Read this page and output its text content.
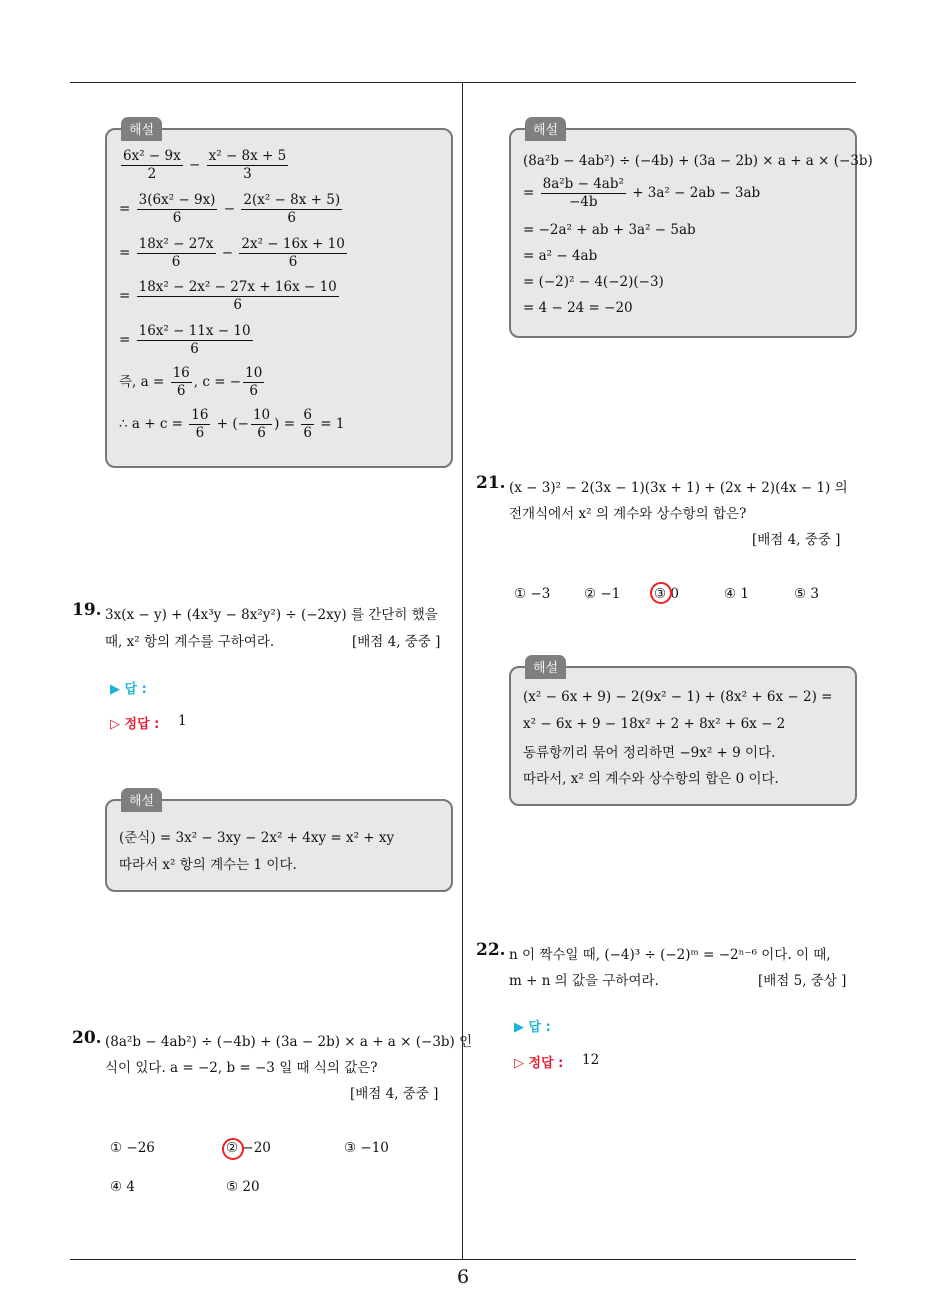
해설
$\frac{\text{6x² − 9x}}{2} - \frac{\text{x² − 8x + 5}}{3}$
= $\frac{\text{3(6x² − 9x)}}{6} - \frac{\text{2(x² − 8x + 5)}}{6}$
= $\frac{\text{18x² − 27x}}{6} - \frac{\text{2x² − 16x + 10}}{6}$
= $\frac{\text{18x² − 2x² − 27x + 16x − 10}}{6}$
= $\frac{\text{16x² − 11x − 10}}{6}$
즉, $a = \frac{16}{6}$ , c = − $\frac{10}{6}$
∴ $a + c = \frac{16}{6}$ + (− $\frac{10}{6}$ ) = $\frac{6}{6} = 1$
19. 3x(x − y) + (4x³y − 8x²y²) ÷ (−2xy) 를 간단히 했을
때, x² 항의 계수를 구하여라.	[배점 4, 중중 ]
▶ 답 :
▷ 정답 : 1
해설
(준식) = 3x² − 3xy − 2x² + 4xy = x² + xy
따라서 x² 항의 계수는 1 이다.
20. (8a²b − 4ab²) ÷ (−4b) + (3a − 2b) × a + a × (−3b) 인
식이 있다. a = −2, b = −3 일 때 식의 값은?
[배점 4, 중중 ]
① −26	② −20	③ −10
④ 4	⑤ 20
해설
(8a²b − 4ab²) ÷ (−4b) + (3a − 2b) × a + a × (−3b)
= $\frac{\text{8a²b − 4ab²}}{-4b} + 3a^2 - 2ab - 3ab$
= −2a² + ab + 3a² − 5ab
= a² − 4ab
= (−2)² − 4(−2)(−3)
= 4 − 24 = −20
21. (x − 3)² − 2(3x − 1)(3x + 1) + (2x + 2)(4x − 1) 의
전개식에서 x² 의 계수와 상수항의 합은?
[배점 4, 중중 ]
① −3 ② −1 ③ 0	④ 1	⑤ 3
해설
(x² − 6x + 9) − 2(9x² − 1) + (8x² + 6x − 2) =
x² − 6x + 9 − 18x² + 2 + 8x² + 6x − 2
동류항끼리 묶어 정리하면 −9x² + 9 이다.
따라서, x² 의 계수와 상수항의 합은 0 이다.
22. n 이 짝수일 때, (−4)³ ÷ (−2)ᵐ = −2ⁿ⁻⁶ 이다. 이 때,
m + n 의 값을 구하여라.	[배점 5, 중상 ]
▶ 답 :
▷ 정답 : 12
6
